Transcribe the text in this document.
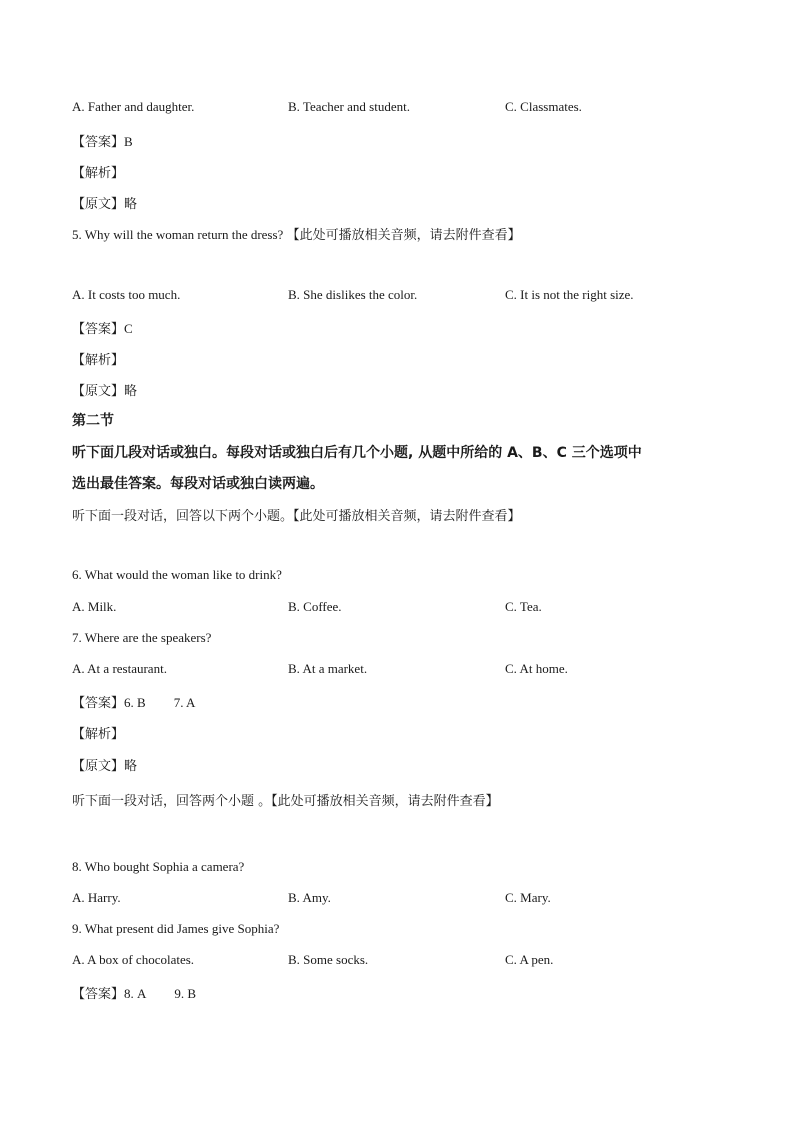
A. Father and daughter.	B. Teacher and student.	C. Classmates.
【答案】B
【解析】
【原文】略
5. Why will the woman return the dress? 【此处可播放相关音频，请去附件查看】
A. It costs too much.	B. She dislikes the color.	C. It is not the right size.
【答案】C
【解析】
【原文】略
第二节
听下面几段对话或独白。每段对话或独白后有几个小题, 从题中所给的 A、B、C 三个选项中
选出最佳答案。每段对话或独白读两遍。
听下面一段对话，回答以下两个小题。【此处可播放相关音频，请去附件查看】
6. What would the woman like to drink?
A. Milk.	B. Coffee.	C. Tea.
7. Where are the speakers?
A. At a restaurant.	B. At a market.	C. At home.
【答案】6. B 7. A
【解析】
【原文】略
听下面一段对话，回答两个小题 。【此处可播放相关音频，请去附件查看】
8. Who bought Sophia a camera?
A. Harry.	B. Amy.	C. Mary.
9. What present did James give Sophia?
A. A box of chocolates.	B. Some socks.	C. A pen.
【答案】8. A 9. B
